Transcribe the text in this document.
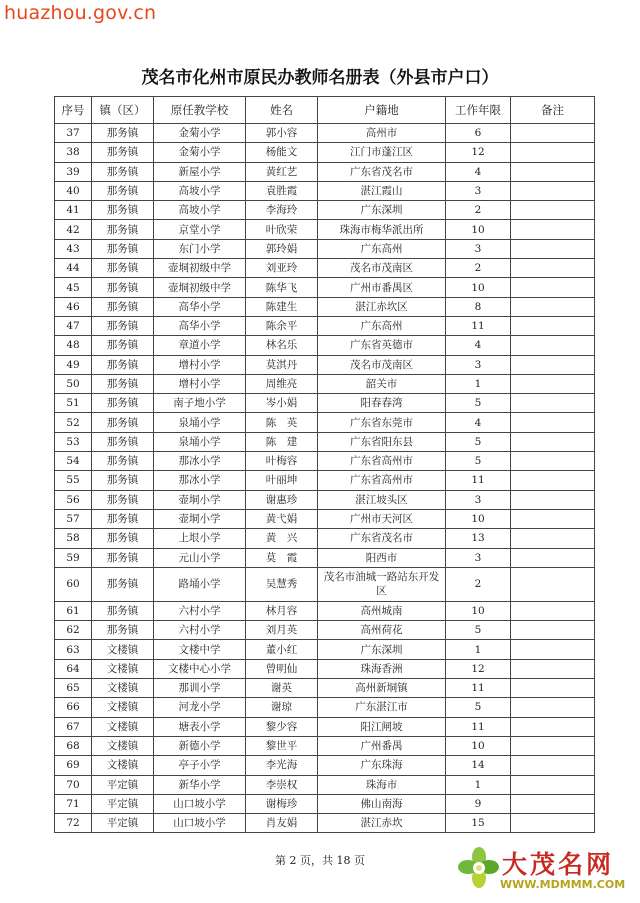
huazhou.gov.cn
茂名市化州市原民办教师名册表（外县市户口）
序号	镇（区）	原任教学校	姓名	户籍地	工作年限	备注
37	那务镇	金菊小学	郭小容	高州市	6	
38	那务镇	金菊小学	杨能文	江门市蓬江区	12	
39	那务镇	新屋小学	黄红艺	广东省茂名市	4	
40	那务镇	高坡小学	袁胜霞	湛江霞山	3	
41	那务镇	高坡小学	李海玲	广东深圳	2	
42	那务镇	京堂小学	叶欣荣	珠海市梅华派出所	10	
43	那务镇	东门小学	郭玲娟	广东高州	3	
44	那务镇	壶垌初级中学	刘亚玲	茂名市茂南区	2	
45	那务镇	壶垌初级中学	陈华飞	广州市番禺区	10	
46	那务镇	高华小学	陈建生	湛江赤坎区	8	
47	那务镇	高华小学	陈余平	广东高州	11	
48	那务镇	章道小学	林名乐	广东省英德市	4	
49	那务镇	增村小学	莫淇丹	茂名市茂南区	3	
50	那务镇	增村小学	周维亮	韶关市	1	
51	那务镇	南子地小学	岑小娟	阳春春湾	5	
52	那务镇	泉埇小学	陈　英	广东省东莞市	4	
53	那务镇	泉埇小学	陈　建	广东省阳东县	5	
54	那务镇	那冰小学	叶梅容	广东省高州市	5	
55	那务镇	那冰小学	叶丽坤	广东省高州市	11	
56	那务镇	壶垌小学	谢惠珍	湛江坡头区	3	
57	那务镇	壶垌小学	黄弋娟	广州市天河区	10	
58	那务镇	上垠小学	黄　兴	广东省茂名市	13	
59	那务镇	元山小学	莫　霞	阳西市	3	
60	那务镇	路埇小学	吴慧秀	茂名市油城一路站东开发区	2	
61	那务镇	六村小学	林月容	高州城南	10	
62	那务镇	六村小学	刘月英	高州荷花	5	
63	文楼镇	文楼中学	董小红	广东深圳	1	
64	文楼镇	文楼中心小学	曾明仙	珠海香洲	12	
65	文楼镇	那训小学	谢英	高州新垌镇	11	
66	文楼镇	河龙小学	谢琼	广东湛江市	5	
67	文楼镇	塘表小学	黎少容	阳江闸坡	11	
68	文楼镇	新德小学	黎世平	广州番禺	10	
69	文楼镇	亭子小学	李光海	广东珠海	14	
70	平定镇	新华小学	李崇权	珠海市	1	
71	平定镇	山口坡小学	谢梅珍	佛山南海	9	
72	平定镇	山口坡小学	肖友娟	湛江赤坎	15	
第 2 页，共 18 页	大茂名网
WWW.MDMMM.COM
